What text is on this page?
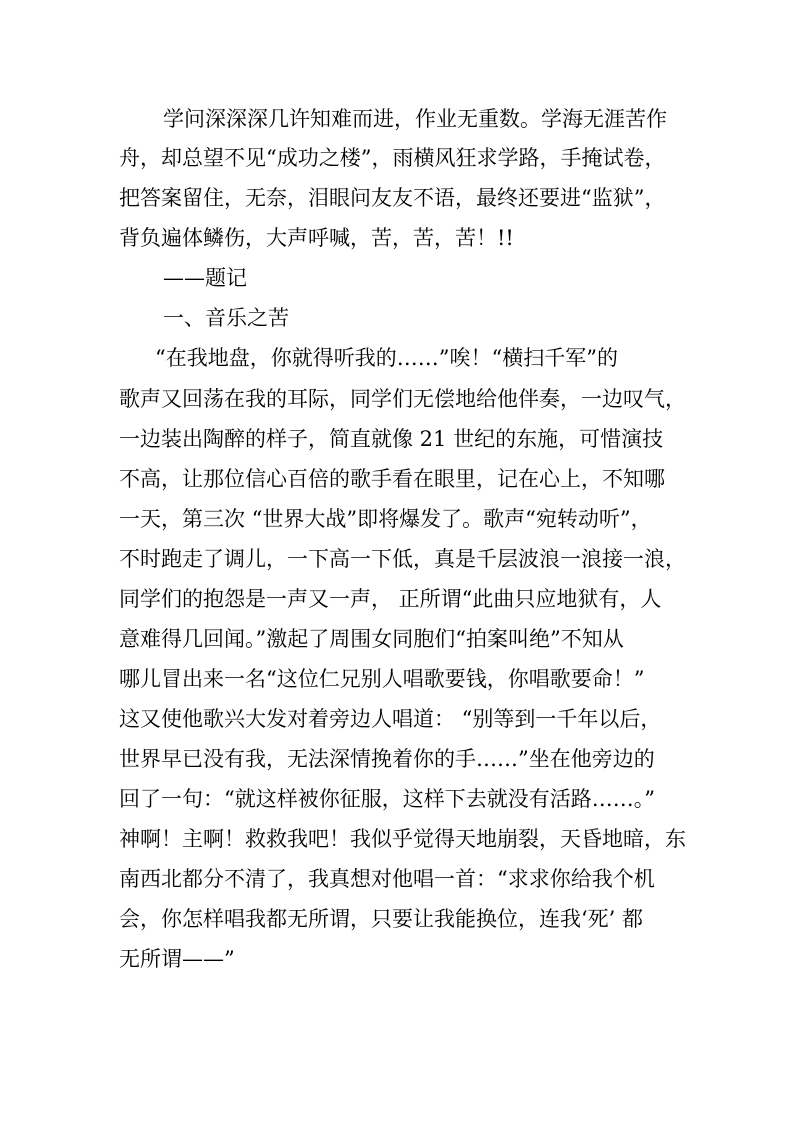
学问深深深几许知难而进，作业无重数。学海无涯苦作
舟，却总望不见“成功之楼”，雨横风狂求学路，手掩试卷，
把答案留住，无奈，泪眼问友友不语，最终还要进“监狱”，
背负遍体鳞伤，大声呼喊，苦，苦，苦！!!
——题记
一、音乐之苦
“在我地盘，你就得听我的……”唉！“横扫千军”的
歌声又回荡在我的耳际，同学们无偿地给他伴奏，一边叹气，
一边装出陶醉的样子，简直就像 21 世纪的东施，可惜演技
不高，让那位信心百倍的歌手看在眼里，记在心上，不知哪
一天，第三次 “世界大战”即将爆发了。歌声“宛转动听”，
不时跑走了调儿，一下高一下低，真是千层波浪一浪接一浪，
同学们的抱怨是一声又一声， 正所谓“此曲只应地狱有，人
意难得几回闻。”激起了周围女同胞们“拍案叫绝”不知从
哪儿冒出来一名“这位仁兄别人唱歌要钱，你唱歌要命！”
这又使他歌兴大发对着旁边人唱道： “别等到一千年以后，
世界早已没有我，无法深情挽着你的手……”坐在他旁边的
回了一句：“就这样被你征服，这样下去就没有活路……。”
神啊！主啊！救救我吧！我似乎觉得天地崩裂，天昏地暗，东
南西北都分不清了，我真想对他唱一首：“求求你给我个机
会，你怎样唱我都无所谓，只要让我能换位，连我‘死’ 都
无所谓——”
